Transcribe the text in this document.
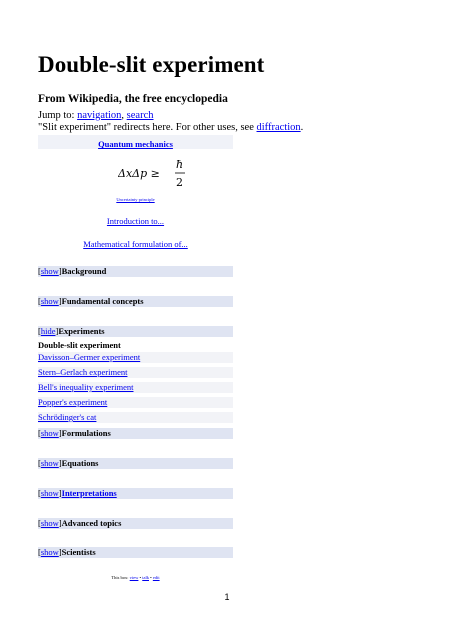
Double-slit experiment
From Wikipedia, the free encyclopedia
Jump to: navigation, search
"Slit experiment" redirects here. For other uses, see diffraction.
Quantum mechanics
ΔxΔp ≥
ħ
2
Uncertainty principle
Introduction to...
Mathematical formulation of...
[show]Background
[show]Fundamental concepts
[hide]Experiments
Double-slit experiment
Davisson–Germer experiment
Stern–Gerlach experiment
Bell's inequality experiment
Popper's experiment
Schrödinger's cat
[show]Formulations
[show]Equations
[show]Interpretations
[show]Advanced topics
[show]Scientists
This box: view • talk • edit
1
